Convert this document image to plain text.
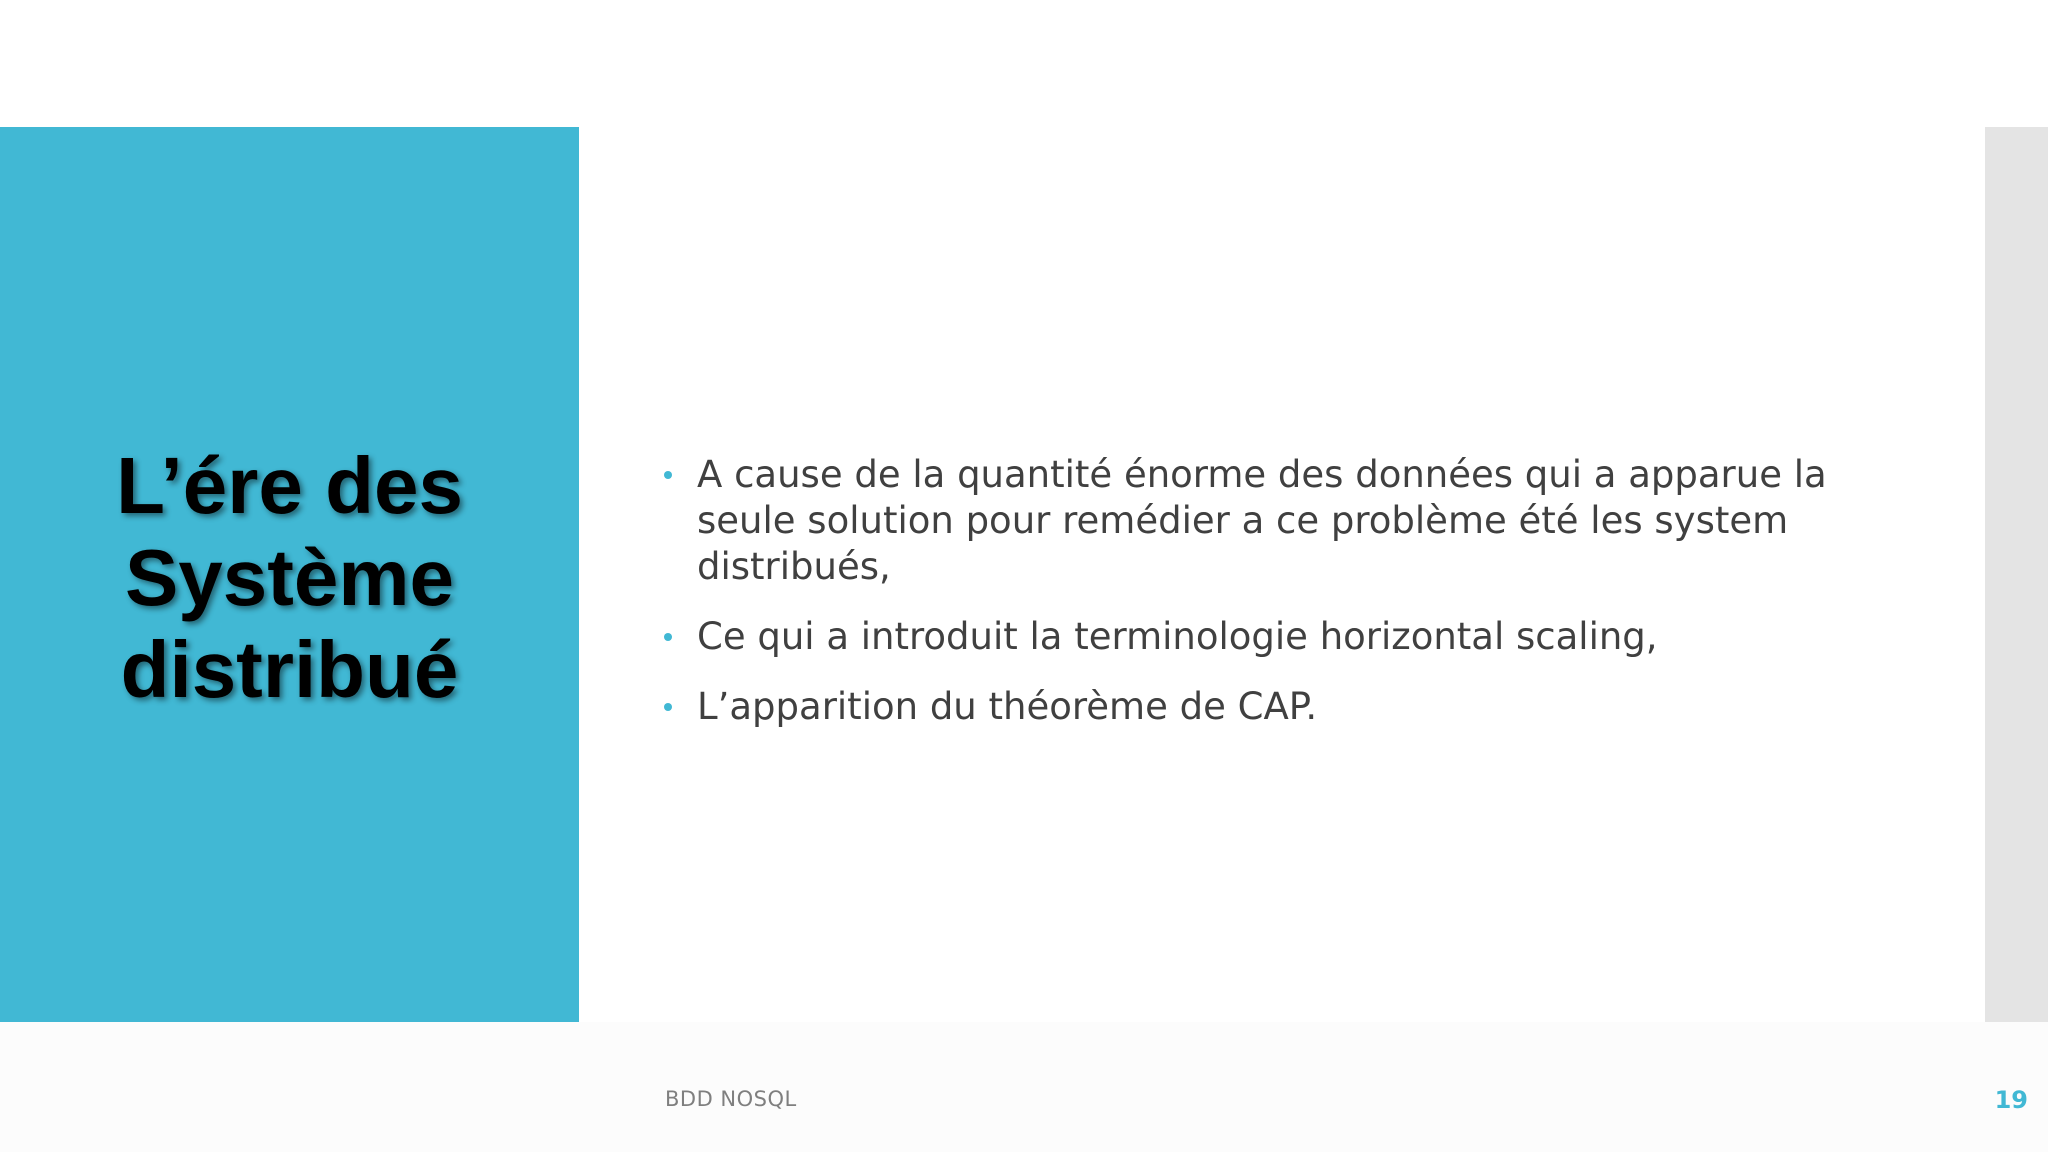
L’ére des
Système
distribué
A cause de la quantité énorme des données qui a apparue la seule solution pour remédier a ce problème été les system distribués,
Ce qui a introduit la terminologie horizontal scaling,
L’apparition du théorème de CAP.
BDD NOSQL	19
